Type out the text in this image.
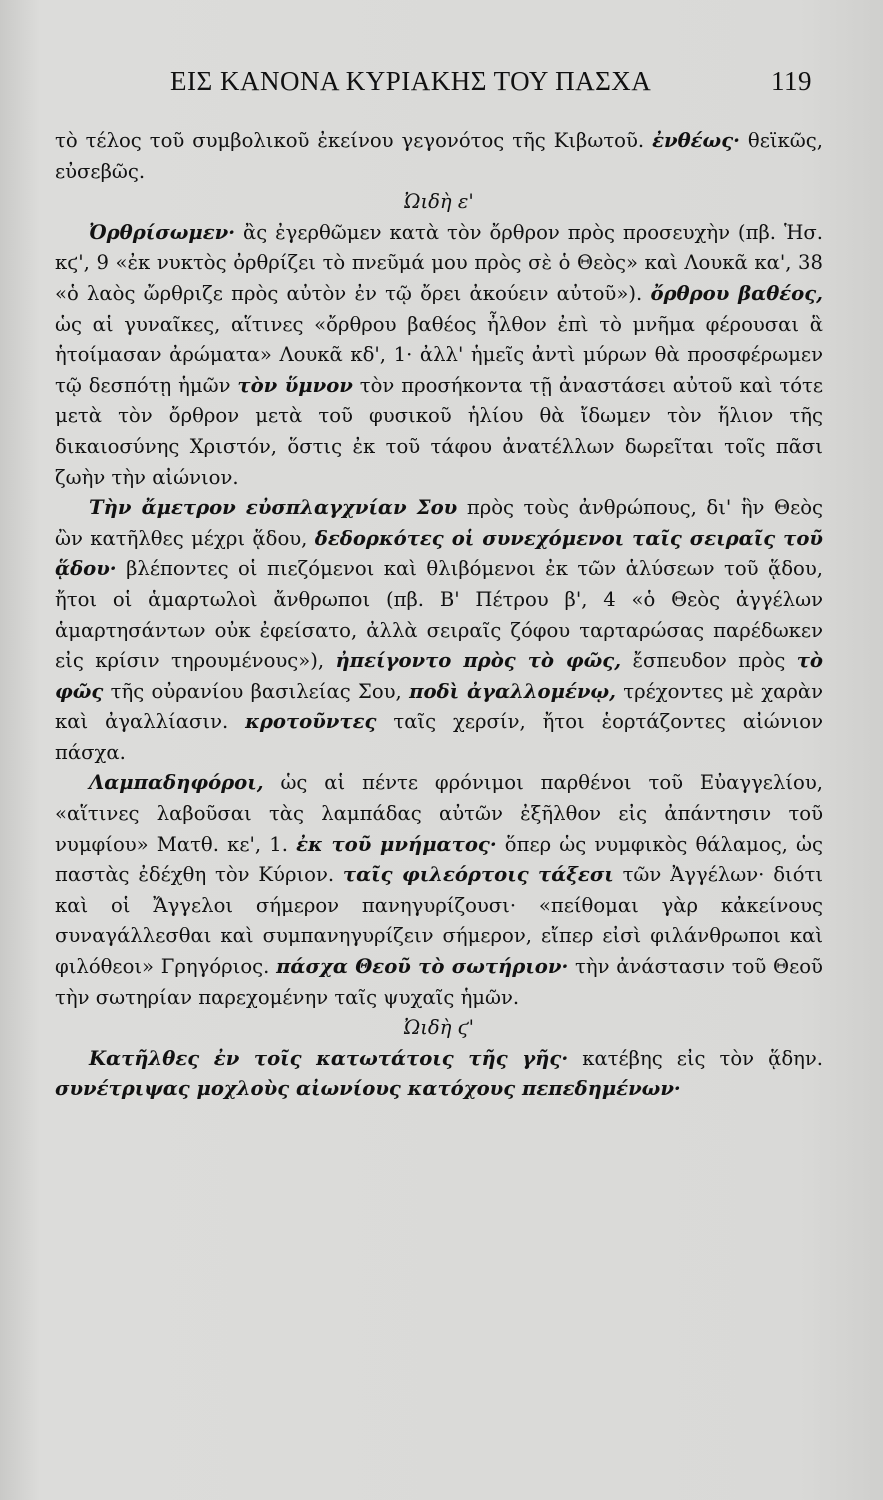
ΕΙΣ ΚΑΝΟΝΑ ΚΥΡΙΑΚΗΣ ΤΟΥ ΠΑΣΧΑ	119

τὸ τέλος τοῦ συμβολικοῦ ἐκείνου γεγονότος τῆς Κιβωτοῦ. ἐνθέως· θεϊκῶς, εὐσεβῶς.

Ὠιδὴ ε'

Ὀρθρίσωμεν· ἂς ἐγερθῶμεν κατὰ τὸν ὄρθρον πρὸς προσευχὴν (πβ. Ἡσ. κϛ', 9 «ἐκ νυκτὸς ὀρθρίζει τὸ πνεῦμά μου πρὸς σὲ ὁ Θεὸς» καὶ Λουκᾶ κα', 38 «ὁ λαὸς ὤρθριζε πρὸς αὐτὸν ἐν τῷ ὄρει ἀκούειν αὐτοῦ»). ὄρθρου βαθέος, ὡς αἱ γυναῖκες, αἵτινες «ὄρθρου βαθέος ἦλθον ἐπὶ τὸ μνῆμα φέρουσαι ἃ ἡτοίμασαν ἀρώματα» Λουκᾶ κδ', 1· ἀλλ' ἡμεῖς ἀντὶ μύρων θὰ προσφέρωμεν τῷ δεσπότῃ ἡμῶν τὸν ὕμνον τὸν προσήκοντα τῇ ἀναστάσει αὐτοῦ καὶ τότε μετὰ τὸν ὄρθρον μετὰ τοῦ φυσικοῦ ἡλίου θὰ ἴδωμεν τὸν ἥλιον τῆς δικαιοσύνης Χριστόν, ὅστις ἐκ τοῦ τάφου ἀνατέλλων δωρεῖται τοῖς πᾶσι ζωὴν τὴν αἰώνιον.

Τὴν ἄμετρον εὐσπλαγχνίαν Σου πρὸς τοὺς ἀνθρώπους, δι' ἣν Θεὸς ὢν κατῆλθες μέχρι ᾅδου, δεδορκότες οἱ συνεχόμενοι ταῖς σειραῖς τοῦ ᾅδου· βλέποντες οἱ πιεζόμενοι καὶ θλιβόμενοι ἐκ τῶν ἁλύσεων τοῦ ᾅδου, ἤτοι οἱ ἁμαρτωλοὶ ἄνθρωποι (πβ. Β' Πέτρου β', 4 «ὁ Θεὸς ἀγγέλων ἁμαρτησάντων οὐκ ἐφείσατο, ἀλλὰ σειραῖς ζόφου ταρταρώσας παρέδωκεν εἰς κρίσιν τηρουμένους»), ἠπείγοντο πρὸς τὸ φῶς, ἔσπευδον πρὸς τὸ φῶς τῆς οὐρανίου βασιλείας Σου, ποδὶ ἀγαλλομένῳ, τρέχοντες μὲ χαρὰν καὶ ἀγαλλίασιν. κροτοῦντες ταῖς χερσίν, ἤτοι ἑορτάζοντες αἰώνιον πάσχα.

Λαμπαδηφόροι, ὡς αἱ πέντε φρόνιμοι παρθένοι τοῦ Εὐαγγελίου, «αἵτινες λαβοῦσαι τὰς λαμπάδας αὐτῶν ἐξῆλθον εἰς ἀπάντησιν τοῦ νυμφίου» Ματθ. κε', 1. ἐκ τοῦ μνήματος· ὅπερ ὡς νυμφικὸς θάλαμος, ὡς παστὰς ἐδέχθη τὸν Κύριον. ταῖς φιλεόρτοις τάξεσι τῶν Ἀγγέλων· διότι καὶ οἱ Ἄγγελοι σήμερον πανηγυρίζουσι· «πείθομαι γὰρ κἀκείνους συναγάλλεσθαι καὶ συμπανηγυρίζειν σήμερον, εἴπερ εἰσὶ φιλάνθρωποι καὶ φιλόθεοι» Γρηγόριος. πάσχα Θεοῦ τὸ σωτήριον· τὴν ἀνάστασιν τοῦ Θεοῦ τὴν σωτηρίαν παρεχομένην ταῖς ψυχαῖς ἡμῶν.

Ὠιδὴ ϛ'

Κατῆλθες ἐν τοῖς κατωτάτοις τῆς γῆς· κατέβης εἰς τὸν ᾅδην. συνέτριψας μοχλοὺς αἰωνίους κατόχους πεπεδημένων·
